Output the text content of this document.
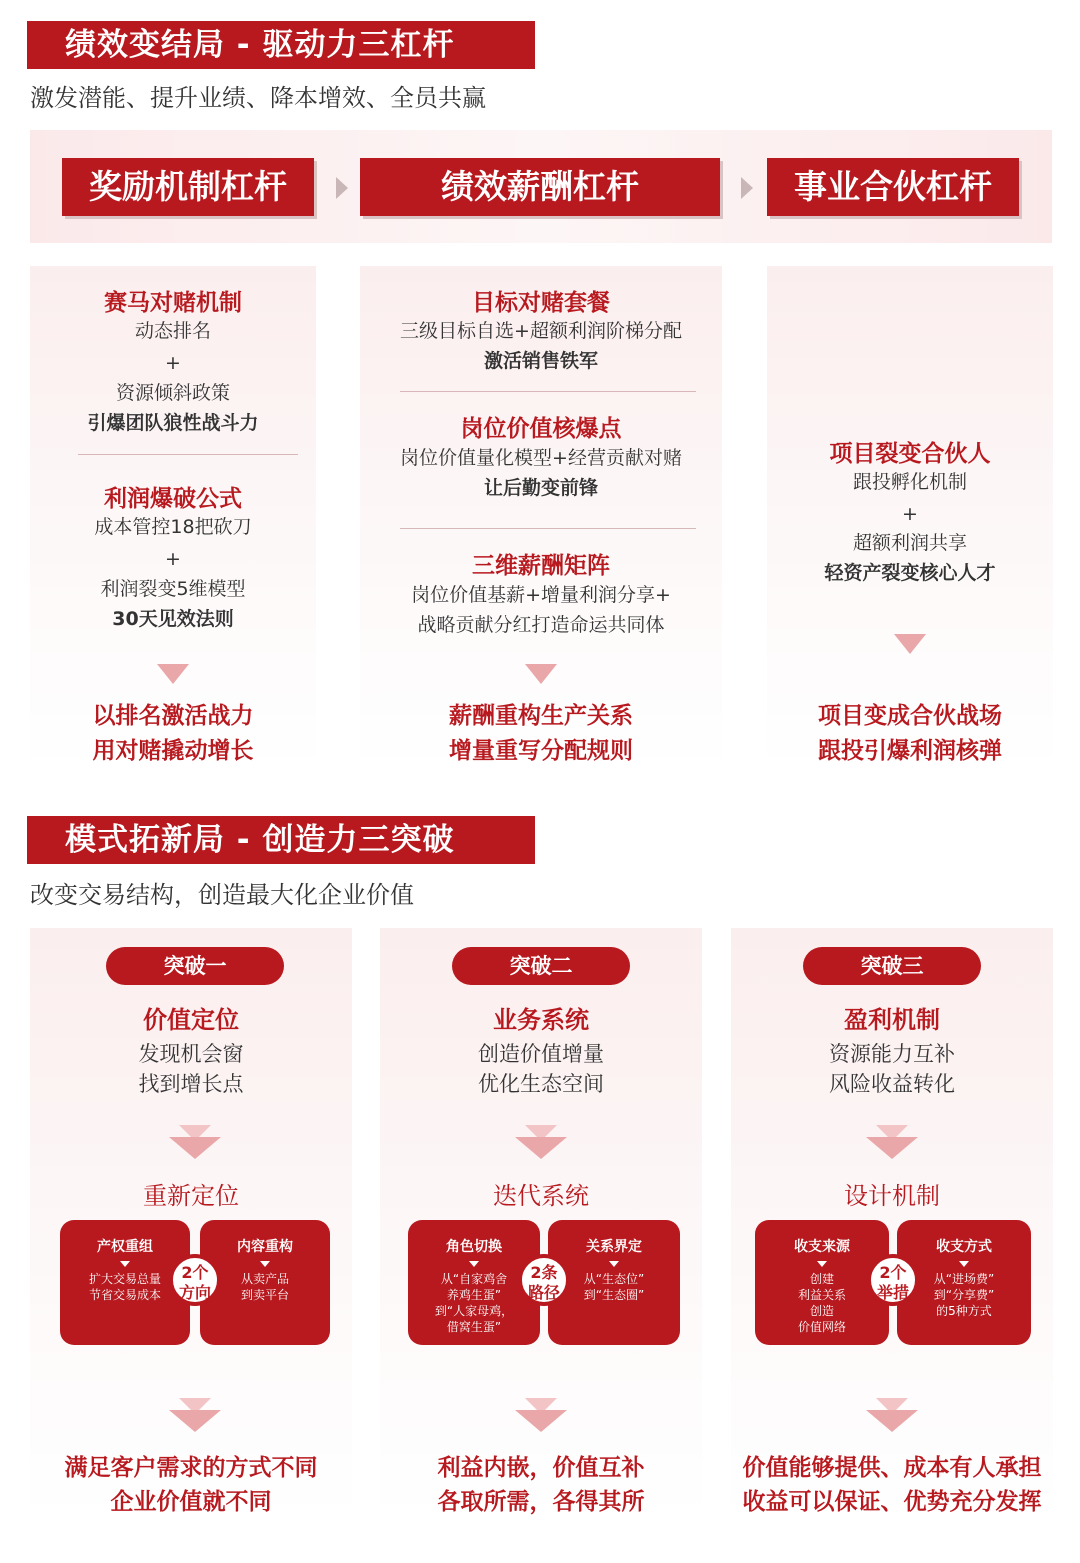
绩效变结局 - 驱动力三杠杆
激发潜能、提升业绩、降本增效、全员共赢
奖励机制杠杆	绩效薪酬杠杆	事业合伙杠杆
赛马对赌机制
动态排名
+
资源倾斜政策
引爆团队狼性战斗力
利润爆破公式
成本管控18把砍刀
+
利润裂变5维模型
30天见效法则
以排名激活战力
用对赌撬动增长
目标对赌套餐
三级目标自选+超额利润阶梯分配
激活销售铁军
岗位价值核爆点
岗位价值量化模型+经营贡献对赌
让后勤变前锋
三维薪酬矩阵
岗位价值基薪+增量利润分享+
战略贡献分红打造命运共同体
薪酬重构生产关系
增量重写分配规则
项目裂变合伙人
跟投孵化机制
+
超额利润共享
轻资产裂变核心人才
项目变成合伙战场
跟投引爆利润核弹
模式拓新局 - 创造力三突破
改变交易结构，创造最大化企业价值
突破一
价值定位
发现机会窗
找到增长点
重新定位
产权重组
扩大交易总量
节省交易成本
内容重构
从卖产品
到卖平台
2个
方向
满足客户需求的方式不同
企业价值就不同
突破二
业务系统
创造价值增量
优化生态空间
迭代系统
角色切换
从“自家鸡舍
养鸡生蛋”
到“人家母鸡，
借窝生蛋”
关系界定
从“生态位”
到“生态圈”
2条
路径
利益内嵌，价值互补
各取所需，各得其所
突破三
盈利机制
资源能力互补
风险收益转化
设计机制
收支来源
创建
利益关系
创造
价值网络
收支方式
从“进场费”
到“分享费”
的5种方式
2个
举措
价值能够提供、成本有人承担
收益可以保证、优势充分发挥
